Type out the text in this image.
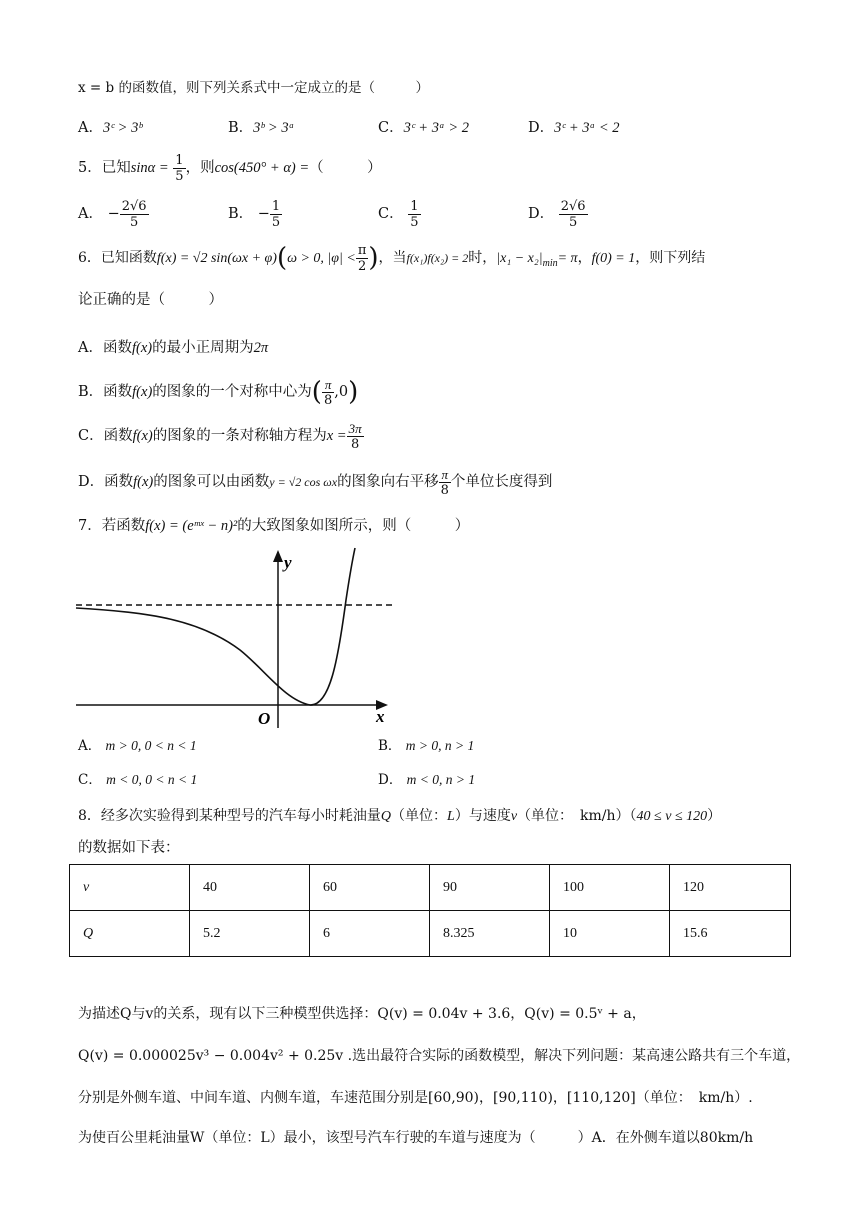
x = b 的函数值，则下列关系式中一定成立的是（　　　）
A．3ᶜ > 3ᵇ	B．3ᵇ > 3ᵃ	C．3ᶜ + 3ᵃ > 2	D．3ᶜ + 3ᵃ < 2
5．已知$\sin\alpha = \frac{1}{5}$ ，则cos(450° + α) =（　　　）
A． − $\frac{2√6}{5}$	B． − $\frac{1}{5}$	C． $\frac{1}{5}$	D． $\frac{2√6}{5}$
6．已知函数f(x) = √2 sin(ωx + φ)(ω > 0, $|\varphi| < \frac{\pi}{2}$ )，当f(x₁)f(x₂) = 2时，$|x_1 - x_2|_{min}= \pi$，f(0) = 1，则下列结
论正确的是（　　　）
A．函数f(x)的最小正周期为2π
B．函数f(x)的图象的一个对称中心为( $\frac{\pi}{8} ,0$)
C．函数f(x)的图象的一条对称轴方程为$x = \frac{3\pi}{8}$
D．函数f(x)的图象可以由函数y = √2 cos ωx的图象向右平移 $\frac{\pi}{8}$ 个单位长度得到
7．若函数f(x) = (eᵐˣ − n)²的大致图象如图所示，则（　　　）
y
x
O
A． m > 0, 0 < n < 1	B． m > 0, n > 1
C． m < 0, 0 < n < 1	D． m < 0, n > 1
8．经多次实验得到某种型号的汽车每小时耗油量Q（单位：L）与速度v（单位：　km/h）（40 ≤ v ≤ 120）
的数据如下表：
v	40	60	90	100	120
Q	5.2	6	8.325	10	15.6
为描述Q与v的关系，现有以下三种模型供选择：Q(v) = 0.04v + 3.6，Q(v) = 0.5ᵛ + a，
Q(v) = 0.000025v³ − 0.004v² + 0.25v .选出最符合实际的函数模型，解决下列问题：某高速公路共有三个车道，
分别是外侧车道、中间车道、内侧车道，车速范围分别是[60,90)，[90,110)，[110,120]（单位：　km/h）.
为使百公里耗油量W（单位：L）最小，该型号汽车行驶的车道与速度为（　　　）A．在外侧车道以80km/h
